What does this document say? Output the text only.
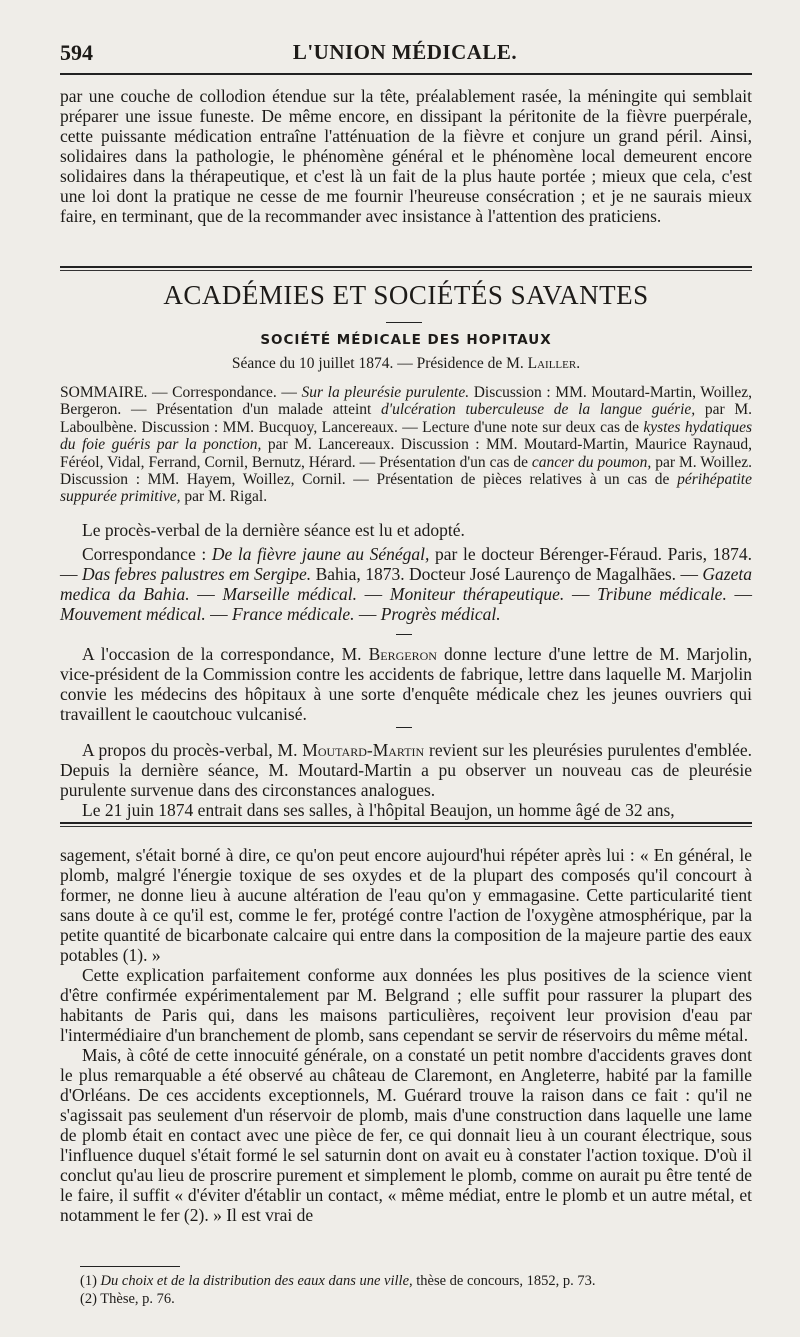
594	L'UNION MÉDICALE.

par une couche de collodion étendue sur la tête, préalablement rasée, la méningite qui semblait préparer une issue funeste. De même encore, en dissipant la péritonite de la fièvre puerpérale, cette puissante médication entraîne l'atténuation de la fièvre et conjure un grand péril. Ainsi, solidaires dans la pathologie, le phénomène général et le phénomène local demeurent encore solidaires dans la thérapeutique, et c'est là un fait de la plus haute portée ; mieux que cela, c'est une loi dont la pratique ne cesse de me fournir l'heureuse consécration ; et je ne saurais mieux faire, en terminant, que de la recommander avec insistance à l'attention des praticiens.

ACADÉMIES ET SOCIÉTÉS SAVANTES
SOCIÉTÉ MÉDICALE DES HOPITAUX
Séance du 10 juillet 1874. — Présidence de M. Lailler.

SOMMAIRE. — Correspondance. — Sur la pleurésie purulente. Discussion : MM. Moutard-Martin, Woillez, Bergeron. — Présentation d'un malade atteint d'ulcération tuberculeuse de la langue guérie, par M. Laboulbène. Discussion : MM. Bucquoy, Lancereaux. — Lecture d'une note sur deux cas de kystes hydatiques du foie guéris par la ponction, par M. Lancereaux. Discussion : MM. Moutard-Martin, Maurice Raynaud, Féréol, Vidal, Ferrand, Cornil, Bernutz, Hérard. — Présentation d'un cas de cancer du poumon, par M. Woillez. Discussion : MM. Hayem, Woillez, Cornil. — Présentation de pièces relatives à un cas de périhépatite suppurée primitive, par M. Rigal.

Le procès-verbal de la dernière séance est lu et adopté.

Correspondance : De la fièvre jaune au Sénégal, par le docteur Bérenger-Féraud. Paris, 1874. — Das febres palustres em Sergipe. Bahia, 1873. Docteur José Laurenço de Magalhães. — Gazeta medica da Bahia. — Marseille médical. — Moniteur thérapeutique. — Tribune médicale. — Mouvement médical. — France médicale. — Progrès médical.

A l'occasion de la correspondance, M. Bergeron donne lecture d'une lettre de M. Marjolin, vice-président de la Commission contre les accidents de fabrique, lettre dans laquelle M. Marjolin convie les médecins des hôpitaux à une sorte d'enquête médicale chez les jeunes ouvriers qui travaillent le caoutchouc vulcanisé.

A propos du procès-verbal, M. Moutard-Martin revient sur les pleurésies purulentes d'emblée. Depuis la dernière séance, M. Moutard-Martin a pu observer un nouveau cas de pleurésie purulente survenue dans des circonstances analogues.

Le 21 juin 1874 entrait dans ses salles, à l'hôpital Beaujon, un homme âgé de 32 ans,

sagement, s'était borné à dire, ce qu'on peut encore aujourd'hui répéter après lui : « En général, le plomb, malgré l'énergie toxique de ses oxydes et de la plupart des composés qu'il concourt à former, ne donne lieu à aucune altération de l'eau qu'on y emmagasine. Cette particularité tient sans doute à ce qu'il est, comme le fer, protégé contre l'action de l'oxygène atmosphérique, par la petite quantité de bicarbonate calcaire qui entre dans la composition de la majeure partie des eaux potables (1). »

Cette explication parfaitement conforme aux données les plus positives de la science vient d'être confirmée expérimentalement par M. Belgrand ; elle suffit pour rassurer la plupart des habitants de Paris qui, dans les maisons particulières, reçoivent leur provision d'eau par l'intermédiaire d'un branchement de plomb, sans cependant se servir de réservoirs du même métal.

Mais, à côté de cette innocuité générale, on a constaté un petit nombre d'accidents graves dont le plus remarquable a été observé au château de Claremont, en Angleterre, habité par la famille d'Orléans. De ces accidents exceptionnels, M. Guérard trouve la raison dans ce fait : qu'il ne s'agissait pas seulement d'un réservoir de plomb, mais d'une construction dans laquelle une lame de plomb était en contact avec une pièce de fer, ce qui donnait lieu à un courant électrique, sous l'influence duquel s'était formé le sel saturnin dont on avait eu à constater l'action toxique. D'où il conclut qu'au lieu de proscrire purement et simplement le plomb, comme on aurait pu être tenté de le faire, il suffit « d'éviter d'établir un contact, « même médiat, entre le plomb et un autre métal, et notamment le fer (2). » Il est vrai de

(1) Du choix et de la distribution des eaux dans une ville, thèse de concours, 1852, p. 73.

(2) Thèse, p. 76.
